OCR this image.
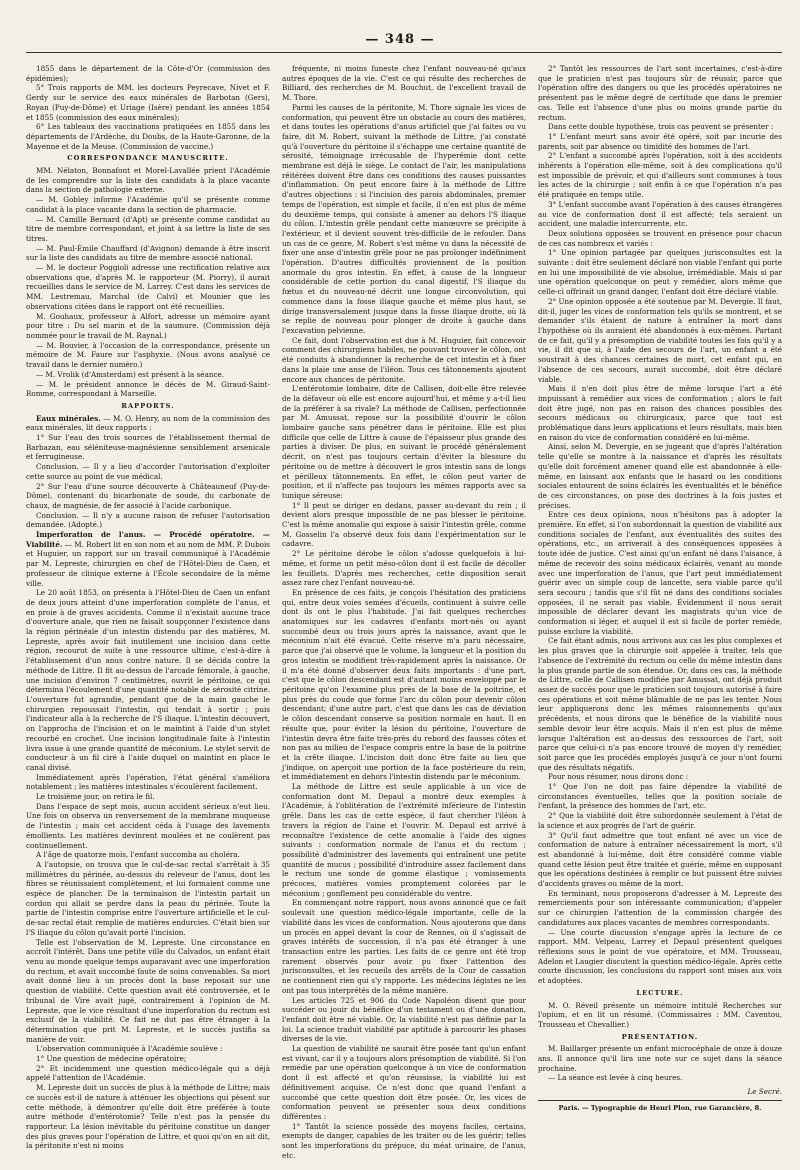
— 348 —

1855 dans le département de la Côte-d'Or (commission des épidémies);

5° Trois rapports de MM. les docteurs Peyrecave, Nivet et F. Gerdy sur le service des eaux minérales de Barbotan (Gers), Royan (Puy-de-Dôme) et Uriage (Isère) pendant les années 1854 et 1855 (commission des eaux minérales);

6° Les tableaux des vaccinations pratiquées en 1855 dans les départements de l'Ardèche, du Doubs, de la Haute-Garonne, de la Mayenne et de la Meuse. (Commission de vaccine.)

CORRESPONDANCE MANUSCRITE.

MM. Nélaton, Bonnafont et Morel-Lavallée prient l'Académie de les comprendre sur la liste des candidats à la place vacante dans la section de pathologie externe.

— M. Gobley informe l'Académie qu'il se présente comme candidat à la place vacante dans la section de pharmacie.

— M. Camille Bernard (d'Apt) se présente comme candidat au titre de membre correspondant, et joint à sa lettre la liste de ses titres.

— M. Paul-Émile Chauffard (d'Avignon) demande à être inscrit sur la liste des candidats au titre de membre associé national.

— M. le docteur Poggioli adresse une rectification relative aux observations que, d'après M. le rapporteur (M. Piorry), il aurait recueillies dans le service de M. Larrey. C'est dans les services de MM. Lestremau, Marchal (de Calvi) et Mounier que les observations citées dans le rapport ont été recueillies.

M. Gouhaux, professeur à Alfort, adresse un mémoire ayant pour titre : Du sel marin et de la saumure. (Commission déjà nommée pour le travail de M. Raynal.)

— M. Bouvier, à l'occasion de la correspondance, présente un mémoire de M. Faure sur l'asphyxie. (Nous avons analysé ce travail dans le dernier numéro.)

— M. Vrolik (d'Amsterdam) est présent à la séance.

— M. le président annonce le décès de M. Giraud-Saint-Romme, correspondant à Marseille.

RAPPORTS.

Eaux minérales. — M. O. Henry, au nom de la commission des eaux minérales, lit deux rapports :

1° Sur l'eau des trois sources de l'établissement thermal de Barbazan, eau séléniteuse-magnésienne sensiblement arsenicale et ferrugineuse.

Conclusion. — Il y a lieu d'accorder l'autorisation d'exploiter cette source au point de vue médical.

2° Sur l'eau d'une source découverte à Châteauneuf (Puy-de-Dôme), contenant du bicarbonate de soude, du carbonate de chaux, de magnésie, de fer associé à l'acide carbonique.

Conclusion. — Il n'y a aucune raison de refuser l'autorisation demandée. (Adopté.)

Imperforation de l'anus. — Procédé opératoire. — Viabilité. — M. Robert lit en son nom et au nom de MM. P. Dubois et Huguier, un rapport sur un travail communiqué à l'Académie par M. Lepreste, chirurgien en chef de l'Hôtel-Dieu de Caen, et professeur de clinique externe à l'École secondaire de la même ville.

Le 20 août 1853, on présenta à l'Hôtel-Dieu de Caen un enfant de deux jours atteint d'une imperforation complète de l'anus, et en proie à de graves accidents. Comme il n'existait aucune trace d'ouverture anale, que rien ne faisait soupçonner l'existence dans la région périnéale d'un intestin distendu par des matières, M. Lepreste, après avoir fait inutilement une incision dans cette région, recourut de suite à une ressource ultime, c'est-à-dire à l'établissement d'un anus contre nature. Il se décida contre la méthode de Littre. Il fit au-dessus de l'arcade fémorale, à gauche, une incision d'environ 7 centimètres, ouvrit le péritoine, ce qui détermina l'écoulement d'une quantité notable de sérosité citrine. L'ouverture fut agrandie, pendant que de la main gauche le chirurgien repoussait l'intestin, qui tendait à sortir ; puis l'indicateur alla à la recherche de l'S iliaque. L'intestin découvert, on l'approcha de l'incision et on le maintint à l'aide d'un stylet recourbé en crochet. Une incision longitudinale faite à l'intestin livra issue à une grande quantité de méconium. Le stylet servit de conducteur à un fil ciré à l'aide duquel on maintint en place le canal divisé.

Immédiatement après l'opération, l'état général s'améliora notablement ; les matières intestinales s'écoulèrent facilement.

Le troisième jour, on retira le fil.

Dans l'espace de sept mois, aucun accident sérieux n'eut lieu. Une fois on observa un renversement de la membrane muqueuse de l'intestin ; mais cet accident céda à l'usage des lavements émollients. Les matières devinrent moulées et ne coulèrent pas continuellement.

A l'âge de quatorze mois, l'enfant succomba au choléra.

A l'autopsie, on trouva que le cul-de-sac rectal s'arrêtait à 35 millimètres du périnée, au-dessus du releveur de l'anus, dont les fibres se réunissaient complètement, et lui formaient comme une espèce de plancher. De la terminaison de l'intestin partait un cordon qui allait se perdre dans la peau du périnée. Toute la partie de l'intestin comprise entre l'ouverture artificielle et le cul-de-sac rectal était remplie de matières endurcies. C'était bien sur l'S iliaque du côlon qu'avait porté l'incision.

Telle est l'observation de M. Lepreste. Une circonstance en accroît l'intérêt. Dans une petite ville du Calvados, un enfant était venu au monde quelque temps auparavant avec une imperforation du rectum, et avait succombé faute de soins convenables. Sa mort avait donné lieu à un procès dont la base reposait sur une question de viabilité. Cette question avait été controversée, et le tribunal de Vire avait jugé, contrairement à l'opinion de M. Lepreste, que le vice résultant d'une imperforation du rectum est exclusif de la viabilité. Ce fait ne dut pas être étranger à la détermination que prit M. Lepreste, et le succès justifia sa manière de voir.

L'observation communiquée à l'Académie soulève :

1° Une question de médecine opératoire;

2° Et incidemment une question médico-légale qui a déjà appelé l'attention de l'Académie.

M. Lepreste doit un succès de plus à la méthode de Littre; mais ce succès est-il de nature à atténuer les objections qui pèsent sur cette méthode, à démontrer qu'elle doit être préférée à toute autre méthode d'entérotomie? Telle n'est pas la pensée du rapporteur. La lésion inévitable du péritoine constitue un danger des plus graves pour l'opération de Littre, et quoi qu'on en ait dit, la péritonite n'est ni moins

fréquente, ni moins funeste chez l'enfant nouveau-né qu'aux autres époques de la vie. C'est ce qui résulte des recherches de Billiard, des recherches de M. Bouchut, de l'excellent travail de M. Thore.

Parmi les causes de la péritonite, M. Thore signale les vices de conformation, qui peuvent être un obstacle au cours des matières, et dans toutes les opérations d'anus artificiel que j'ai faites ou vu faire, dit M. Robert, suivant la méthode de Littre, j'ai constaté qu'à l'ouverture du péritoine il s'échappe une certaine quantité de sérosité, témoignage irrécusable de l'hyperémie dont cette membrane est déjà le siège. Le contact de l'air, les manipulations réitérées doivent être dans ces conditions des causes puissantes d'inflammation. On peut encore faire à la méthode de Littre d'autres objections : si l'incision des parois abdominales, premier temps de l'opération, est simple et facile, il n'en est plus de même du deuxième temps, qui consiste à amener au dehors l'S iliaque du côlon. L'intestin grêle pendant cette manœuvre se précipite à l'extérieur, et il devient souvent très-difficile de le refouler. Dans un cas de ce genre, M. Robert s'est même vu dans la nécessité de fixer une anse d'intestin grêle pour ne pas prolonger indéfiniment l'opération. D'autres difficultés proviennent de la position anormale du gros intestin. En effet, à cause de la longueur considérable de cette portion du canal digestif, l'S iliaque du fœtus et du nouveau-né décrit une longue circonvolution, qui commence dans la fosse iliaque gauche et même plus haut, se dirige transversalement jusque dans la fosse iliaque droite, où là se replie de nouveau pour plonger de droite à gauche dans l'excavation pelvienne.

Ce fait, dont l'observation est due à M. Huguier, fait concevoir comment des chirurgiens habiles, ne pouvant trouver le côlon, ont été conduits à abandonner la recherche de cet intestin et à fixer dans la plaie une anse de l'iléon. Tous ces tâtonnements ajoutent encore aux chances de péritonite.

L'entérotomie lombaire, dite de Callisen, doit-elle être relevée de la défaveur où elle est encore aujourd'hui, et même y a-t-il lieu de la préférer à sa rivale? La méthode de Callisen, perfectionnée par M. Amussat, repose sur la possibilité d'ouvrir le côlon lombaire gauche sans pénétrer dans le péritoine. Elle est plus difficile que celle de Littre à cause de l'épaisseur plus grande des parties à diviser. De plus, en suivant le procédé généralement décrit, on n'est pas toujours certain d'éviter la blessure du péritoine ou de mettre à découvert le gros intestin sans de longs et périlleux tâtonnements. En effet, le côlon peut varier de position, et il n'affecte pas toujours les mêmes rapports avec sa tunique séreuse:

1° Il peut se diriger en dedans, passer au-devant du rein ; il devient alors presque impossible de ne pas blesser le péritoine. C'est la même anomalie qui expose à saisir l'intestin grêle, comme M. Gosselin l'a observé deux fois dans l'expérimentation sur le cadavre.

2° Le péritoine dérobe le côlon s'adosse quelquefois à lui-même, et forme un petit méso-côlon dont il est facile de décoller les feuillets. D'après mes recherches, cette disposition serait assez rare chez l'enfant nouveau-né.

En présence de ces faits, je conçois l'hésitation des praticiens qui, entre deux voies semées d'écueils, continuent à suivre celle dont ils ont le plus l'habitude. J'ai fait quelques recherches anatomiques sur les cadavres d'enfants mort-nés ou ayant succombé deux ou trois jours après la naissance, avant que le méconium n'ait été évacué. Cette réserve m'a paru nécessaire, parce que j'ai observé que le volume, la longueur et la position du gros intestin se modifient très-rapidement après la naissance. Or il m'a été donné d'observer deux faits importants : d'une part, c'est que le côlon descendant est d'autant moins enveloppé par le péritoine qu'on l'examine plus près de la base de la poitrine, et plus près du coude que forme l'arc du côlon pour devenir côlon descendant; d'une autre part, c'est que dans les cas de déviation le côlon descendant conserve sa position normale en haut. Il en résulte que, pour éviter la lésion du péritoine, l'ouverture de l'intestin devra être faite très-près du rebord des fausses côtes et non pas au milieu de l'espace compris entre la base de la poitrine et la crête iliaque. L'incision doit donc être faite au lieu que j'indique, on aperçoit une portion de la face postérieure du rein, et immédiatement en dehors l'intestin distendu par le méconium.

La méthode de Littre est seule applicable à un vice de conformation dont M. Depaul a montré deux exemples à l'Académie, à l'oblitération de l'extrémité inférieure de l'intestin grêle. Dans les cas de cette espèce, il faut chercher l'iléon à travers la région de l'aine et l'ouvrir. M. Depaul est arrivé à reconnaître l'existence de cette anomalie à l'aide des signes suivants : conformation normale de l'anus et du rectum ; possibilité d'administrer des lavements qui entraînent une petite quantité de mucus ; possibilité d'introduire assez facilement dans le rectum une sonde de gomme élastique ; vomissements précoces, matières vomies promptement colorées par le méconium ; gonflement peu considérable du ventre.

En commençant notre rapport, nous avons annoncé que ce fait soulevait une question médico-légale importante, celle de la viabilité dans les vices de conformation. Nous ajouterons que dans un procès en appel devant la cour de Rennes, où il s'agissait de graves intérêts de succession, il n'a pas été étranger à une transaction entre les parties. Les faits de ce genre ont été trop rarement observés pour avoir pu fixer l'attention des jurisconsultes, et les recueils des arrêts de la Cour de cassation ne contiennent rien qui s'y rapporte. Les médecins légistes ne les ont pas tous interprétés de la même manière.

Les articles 725 et 906 du Code Napoléon disent que pour succéder ou jouir du bénéfice d'un testament ou d'une donation, l'enfant doit être né viable. Or, la viabilité n'est pas définie par la loi. La science traduit viabilité par aptitude à parcourir les phases diverses de la vie.

La question de viabilité ne saurait être posée tant qu'un enfant est vivant, car il y a toujours alors présomption de viabilité. Si l'on remédie par une opération quelconque à un vice de conformation dont il est affecté et qu'on réussisse, la viabilité lui est définitivement acquise. Ce n'est donc que quand l'enfant a succombé que cette question doit être posée. Or, les vices de conformation peuvent se présenter sous deux conditions différentes :

1° Tantôt la science possède des moyens faciles, certains, exempts de danger, capables de les traiter ou de les guérir; telles sont les imperforations du prépuce, du méat urinaire, de l'anus, etc.

2° Tantôt les ressources de l'art sont incertaines, c'est-à-dire que le praticien n'est pas toujours sûr de réussir, parce que l'opération offre des dangers ou que les procédés opératoires ne présentent pas le même degré de certitude que dans le premier cas. Telle est l'absence d'une plus ou moins grande partie du rectum.

Dans cette double hypothèse, trois cas peuvent se présenter :

1° L'enfant meurt sans avoir été opéré, soit par incurie des parents, soit par absence ou timidité des hommes de l'art.

2° L'enfant a succombé après l'opération, soit à des accidents inhérents à l'opération elle-même, soit à des complications qu'il est impossible de prévoir, et qui d'ailleurs sont communes à tous les actes de la chirurgie ; soit enfin à ce que l'opération n'a pas été pratiquée en temps utile.

3° L'enfant succombe avant l'opération à des causes étrangères au vice de conformation dont il est affecté; tels seraient un accident, une maladie intercurrente, etc.

Deux solutions opposées se trouvent en présence pour chacun de ces cas nombreux et variés :

1° Une opinion partagée par quelques jurisconsultes est la suivante : doit être seulement déclaré non viable l'enfant qui porte en lui une impossibilité de vie absolue, irrémédiable. Mais si par une opération quelconque on peut y remédier, alors même que celle-ci offrirait un grand danger, l'enfant doit être déclaré viable.

2° Une opinion opposée a été soutenue par M. Devergie. Il faut, dit-il, juger les vices de conformation tels qu'ils se montrent, et se demander s'ils étaient de nature à entraîner la mort dans l'hypothèse où ils auraient été abandonnés à eux-mêmes. Partant de ce fait, qu'il y a présomption de viabilité toutes les fois qu'il y a vie, il dit que si, à l'aide des secours de l'art, un enfant a été soustrait à des chances certaines de mort, cet enfant qui, en l'absence de ces secours, aurait succombé, doit être déclaré viable.

Mais il n'en doit plus être de même lorsque l'art a été impuissant à remédier aux vices de conformation ; alors le fait doit être jugé, non pas en raison des chances possibles des secours médicaux ou chirurgicaux, parce que tout est problématique dans leurs applications et leurs résultats, mais bien en raison du vice de conformation considéré en lui-même.

Ainsi, selon M. Devergie, en se jugeant que d'après l'altération telle qu'elle se montre à la naissance et d'après les résultats qu'elle doit forcément amener quand elle est abandonnée à elle-même, en laissant aux enfants que le hasard ou les conditions sociales entourent de soins éclairés les éventualités et le bénéfice de ces circonstances, on pose des doctrines à la fois justes et précises.

Entre ces deux opinions, nous n'hésitons pas à adopter la première. En effet, si l'on subordonnait la question de viabilité aux conditions sociales de l'enfant, aux éventualités des suites des opérations, etc., on arriverait à des conséquences opposées à toute idée de justice. C'est ainsi qu'un enfant né dans l'aisance, à même de recevoir des soins médicaux éclairés, venant au monde avec une imperforation de l'anus, que l'art peut immédiatement guérir avec un simple coup de lancette, sera viable parce qu'il sera secouru ; tandis que s'il fût né dans des conditions sociales opposées, il ne serait pas viable. Évidemment il nous serait impossible de déclarer devant les magistrats qu'un vice de conformation si léger, et auquel il est si facile de porter remède, puisse exclure la viabilité.

Ce fait étant admis, nous arrivons aux cas les plus complexes et les plus graves que la chirurgie soit appelée à traiter, tels que l'absence de l'extrémité du rectum ou celle du même intestin dans la plus grande partie de son étendue. Or, dans ces cas, la méthode de Littre, celle de Callisen modifiée par Amussat, ont déjà produit assez de succès pour que le praticien soit toujours autorisé à faire ces opérations et soit même blâmable de ne pas les tenter. Nous leur appliquerons donc les mêmes raisonnements qu'aux précédents, et nous dirons que le bénéfice de la viabilité nous semble devoir leur être acquis. Mais il n'en est plus de même lorsque l'altération est au-dessus des ressources de l'art, soit parce que celui-ci n'a pas encore trouvé de moyen d'y remédier, soit parce que les procédés employés jusqu'à ce jour n'ont fourni que des résultats négatifs.

Pour nous résumer, nous dirons donc :

1° Que l'on ne doit pas faire dépendre la viabilité de circonstances éventuelles, telles que la position sociale de l'enfant, la présence des hommes de l'art, etc.

2° Que la viabilité doit être subordonnée seulement à l'état de la science et aux progrès de l'art de guérir.

3° Qu'il faut admettre que tout enfant né avec un vice de conformation de nature à entraîner nécessairement la mort, s'il est abandonné à lui-même, doit être considéré comme viable quand cette lésion peut être traitée et guérie, même en supposant que les opérations destinées à remplir ce but puissent être suivies d'accidents graves ou même de la mort.

En terminant, nous proposerons d'adresser à M. Lepreste des remerciements pour son intéressante communication; d'appeler sur ce chirurgien l'attention de la commission chargée des candidatures aux places vacantes de membres correspondants.

— Une courte discussion s'engage après la lecture de ce rapport. MM. Velpeau, Larrey et Depaul présentent quelques réflexions sous le point de vue opératoire, et MM. Trousseau, Adelon et Laugier discutent la question médico-légale. Après cette courte discussion, les conclusions du rapport sont mises aux voix et adoptées.

LECTURE.

M. O. Réveil présente un mémoire intitulé Recherches sur l'opium, et en lit un résumé. (Commissaires : MM. Caventou, Trousseau et Chevallier.)

PRÉSENTATION.

M. Baillarger présente un enfant microcéphale de onze à douze ans. Il annonce qu'il lira une note sur ce sujet dans la séance prochaine.

— La séance est levée à cinq heures.

Le Secré.
Paris. — Typographie de Henri Plon, rue Garancière, 8.
